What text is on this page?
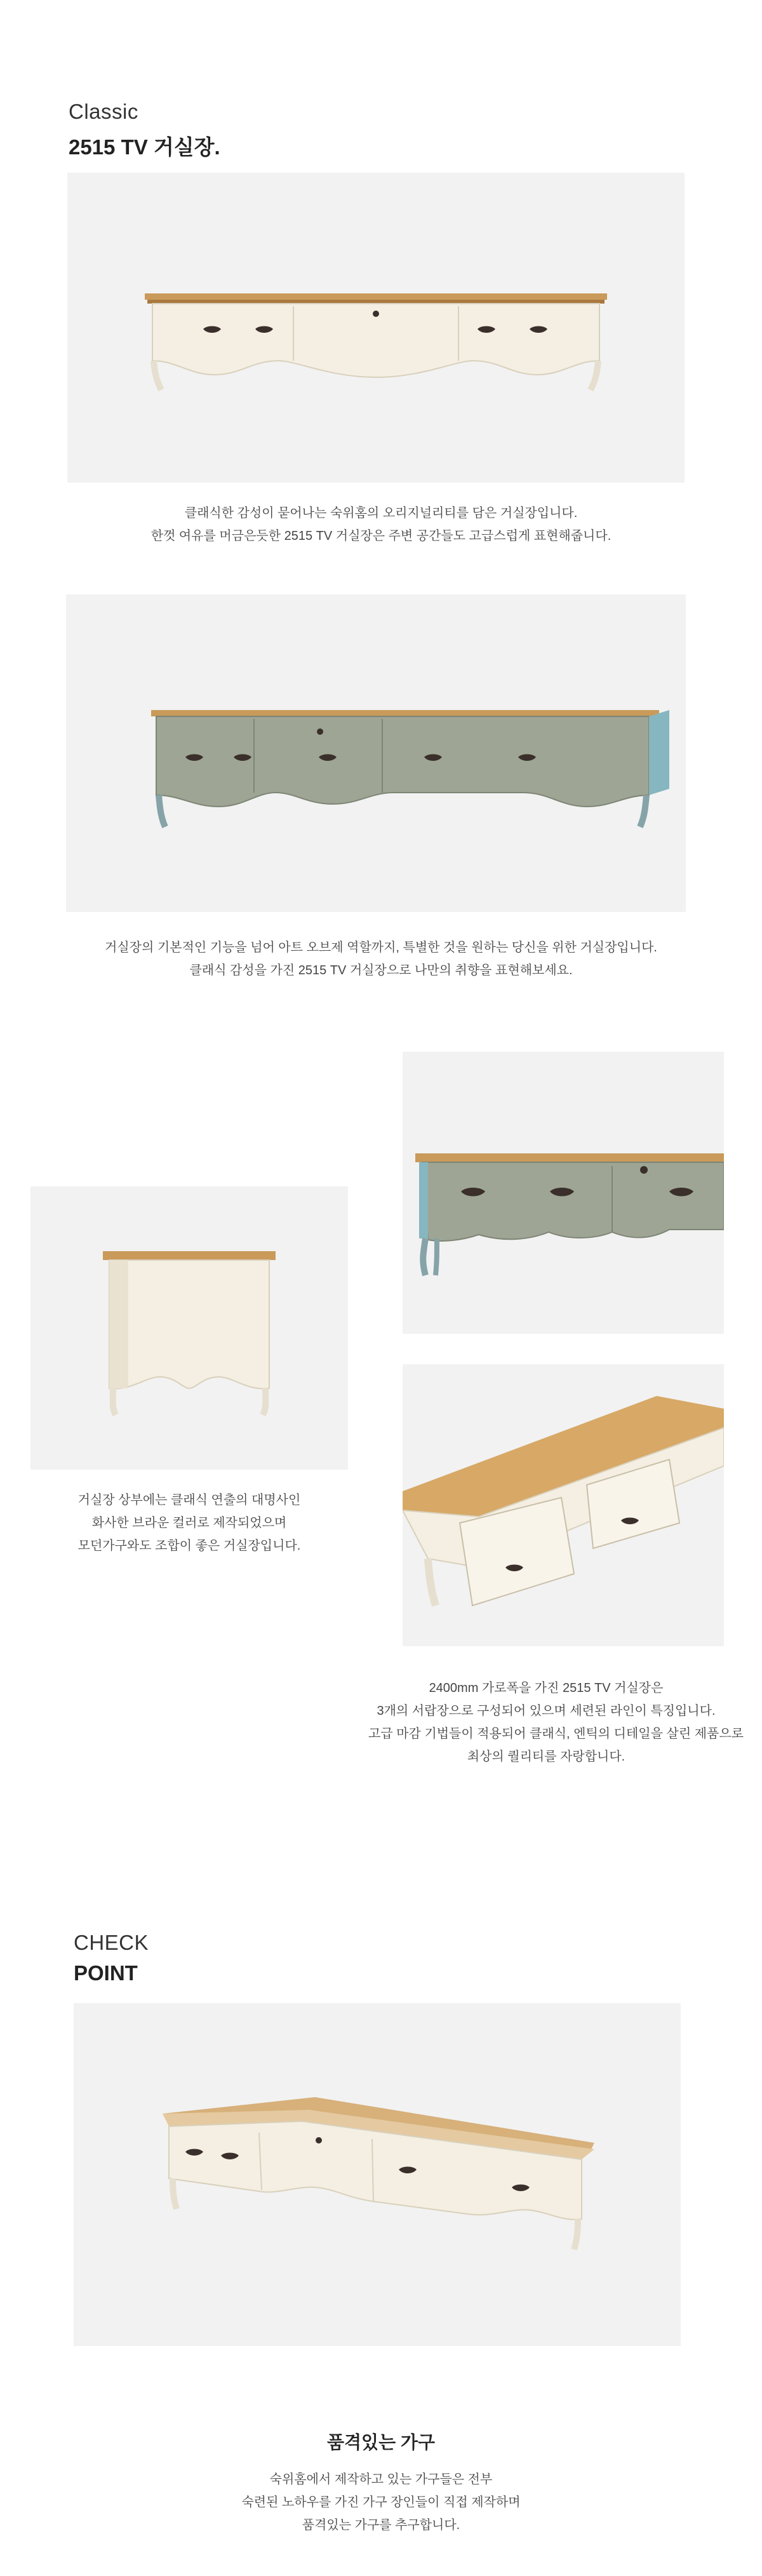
Classic
2515 TV 거실장.

클래식한 감성이 묻어나는 숙위홈의 오리지널리티를 담은 거실장입니다.

한껏 여유를 머금은듯한 2515 TV 거실장은 주변 공간들도 고급스럽게 표현해줍니다.

거실장의 기본적인 기능을 넘어 아트 오브제 역할까지, 특별한 것을 원하는 당신을 위한 거실장입니다.

클래식 감성을 가진 2515 TV 거실장으로 나만의 취향을 표현해보세요.

거실장 상부에는 클래식 연출의 대명사인

화사한 브라운 컬러로 제작되었으며

모던가구와도 조합이 좋은 거실장입니다.

2400mm 가로폭을 가진 2515 TV 거실장은

3개의 서랍장으로 구성되어 있으며 세련된 라인이 특징입니다.

고급 마감 기법들이 적용되어 클래식, 엔틱의 디테일을 살린 제품으로

최상의 퀄리티를 자랑합니다.

CHECK
POINT
품격있는 가구

숙위홈에서 제작하고 있는 가구들은 전부

숙련된 노하우를 가진 가구 장인들이 직접 제작하며

품격있는 가구를 추구합니다.
